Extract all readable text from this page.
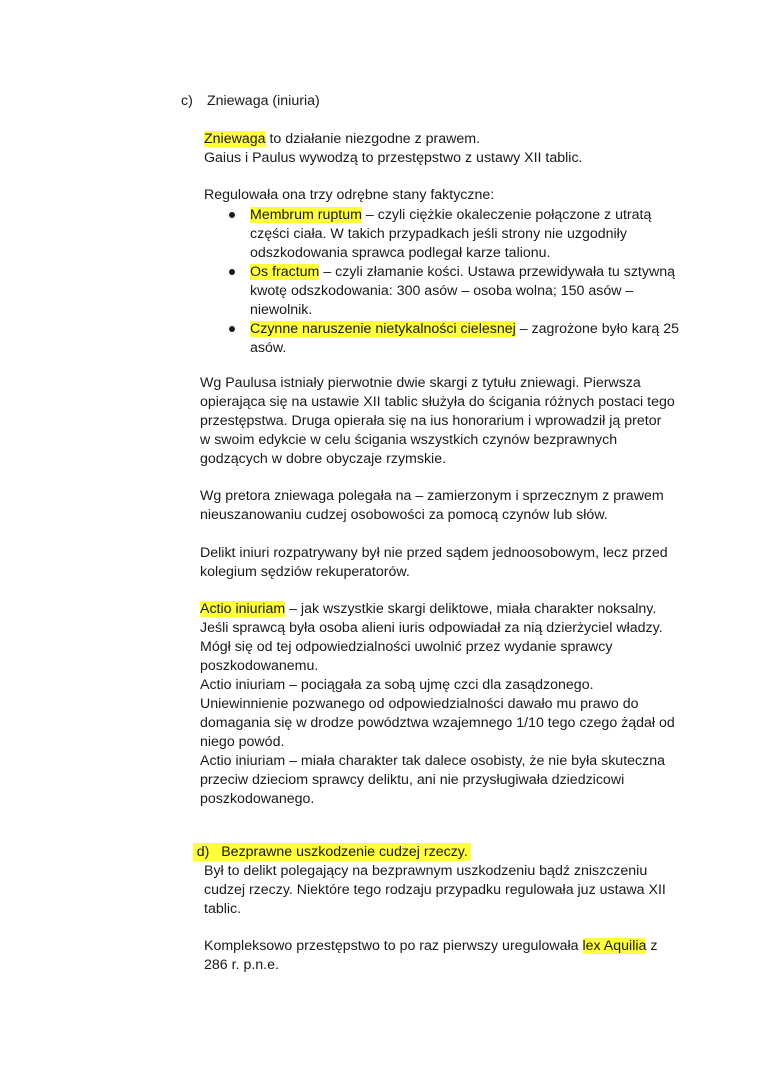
c) Zniewaga (iniuria)
Zniewaga to działanie niezgodne z prawem.
Gaius i Paulus wywodzą to przestępstwo z ustawy XII tablic.
Regulowała ona trzy odrębne stany faktyczne:
Membrum ruptum – czyli ciężkie okaleczenie połączone z utratą
części ciała. W takich przypadkach jeśli strony nie uzgodniły
odszkodowania sprawca podlegał karze talionu.
Os fractum – czyli złamanie kości. Ustawa przewidywała tu sztywną
kwotę odszkodowania: 300 asów – osoba wolna; 150 asów –
niewolnik.
Czynne naruszenie nietykalności cielesnej – zagrożone było karą 25
asów.

Wg Paulusa istniały pierwotnie dwie skargi z tytułu zniewagi. Pierwsza

opierająca się na ustawie XII tablic służyła do ścigania różnych postaci tego

przestępstwa. Druga opierała się na ius honorarium i wprowadził ją pretor

w swoim edykcie w celu ścigania wszystkich czynów bezprawnych

godzących w dobre obyczaje rzymskie.

Wg pretora zniewaga polegała na – zamierzonym i sprzecznym z prawem

nieuszanowaniu cudzej osobowości za pomocą czynów lub słów.

Delikt iniuri rozpatrywany był nie przed sądem jednoosobowym, lecz przed

kolegium sędziów rekuperatorów.

Actio iniuriam – jak wszystkie skargi deliktowe, miała charakter noksalny.

Jeśli sprawcą była osoba alieni iuris odpowiadał za nią dzierżyciel władzy.

Mógł się od tej odpowiedzialności uwolnić przez wydanie sprawcy

poszkodowanemu.

Actio iniuriam – pociągała za sobą ujmę czci dla zasądzonego.

Uniewinnienie pozwanego od odpowiedzialności dawało mu prawo do

domagania się w drodze powództwa wzajemnego 1/10 tego czego żądał od

niego powód.

Actio iniuriam – miała charakter tak dalece osobisty, że nie była skuteczna

przeciw dzieciom sprawcy deliktu, ani nie przysługiwała dziedzicowi

poszkodowanego.

d)   Bezprawne uszkodzenie cudzej rzeczy.

Był to delikt polegający na bezprawnym uszkodzeniu bądź zniszczeniu

cudzej rzeczy. Niektóre tego rodzaju przypadku regulowała juz ustawa XII

tablic.

Kompleksowo przestępstwo to po raz pierwszy uregulowała lex Aquilia z

286 r. p.n.e.
